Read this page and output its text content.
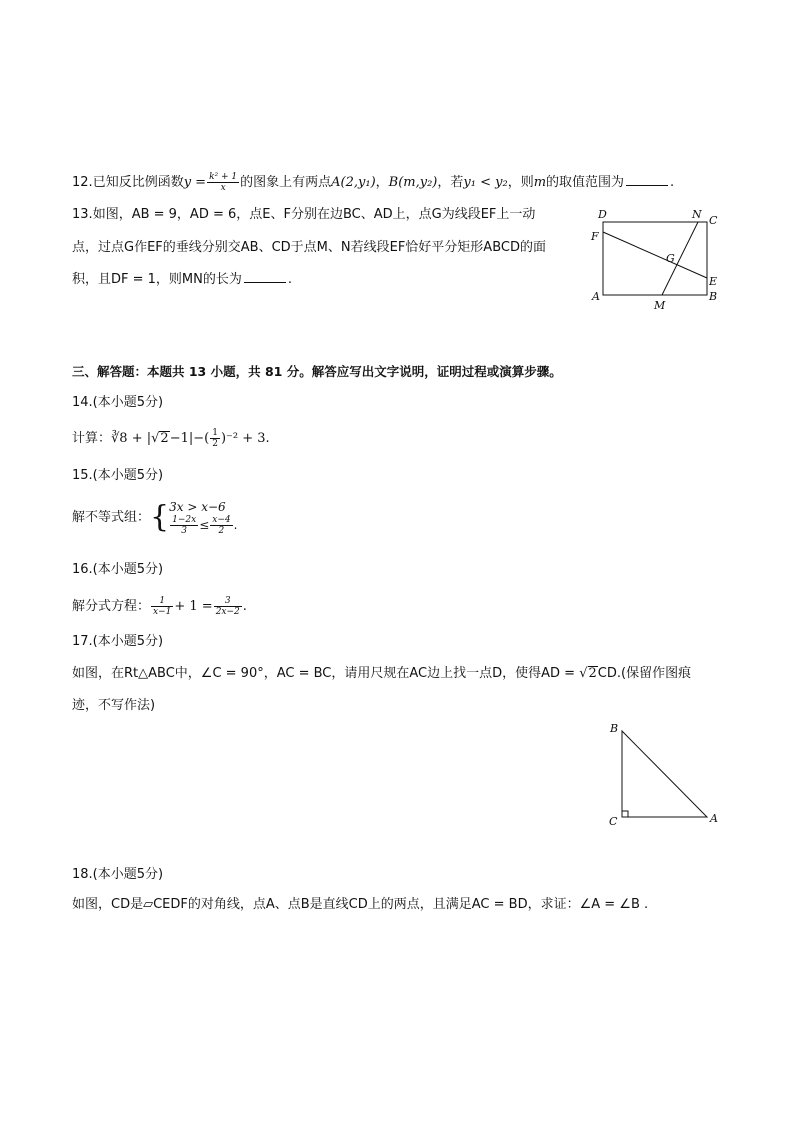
12.已知反比例函数$y = \frac{\text{k² + 1}}{x}$ 的图象上有两点A(2,y₁)，B(m,y₂)，若y₁ < y₂，则m的取值范围为	.
13.如图，AB = 9，AD = 6，点E、F分别在边BC、AD上，点G为线段EF上一动
点，过点G作EF的垂线分别交AB、CD于点M、N若线段EF恰好平分矩形ABCD的面
积，且DF = 1，则MN的长为	.
D	N C
F
G
E
A
M
B
三、解答题：本题共 13 小题，共 81 分。解答应写出文字说明，证明过程或演算步骤。
14.(本小题5分)
计算：∛8 + $|√2-1|-( \frac{1}{2} )^{-2} + 3$.
15.(本小题5分)
解不等式组：{ 3x > x−6
$\frac{1-2x}{3} \le \frac{x-4}{2}$ .
16.(本小题5分)
解分式方程： $\frac{1}{x-1} + 1 = \frac{3}{2x-2}$ .
17.(本小题5分)
如图，在Rt△ABC中，∠C = 90°，AC = BC，请用尺规在AC边上找一点D，使得AD = √2CD.(保留作图痕
迹，不写作法)
B
C	A
18.(本小题5分)
如图，CD是▱CEDF的对角线，点A、点B是直线CD上的两点，且满足AC = BD，求证：∠A = ∠B .
